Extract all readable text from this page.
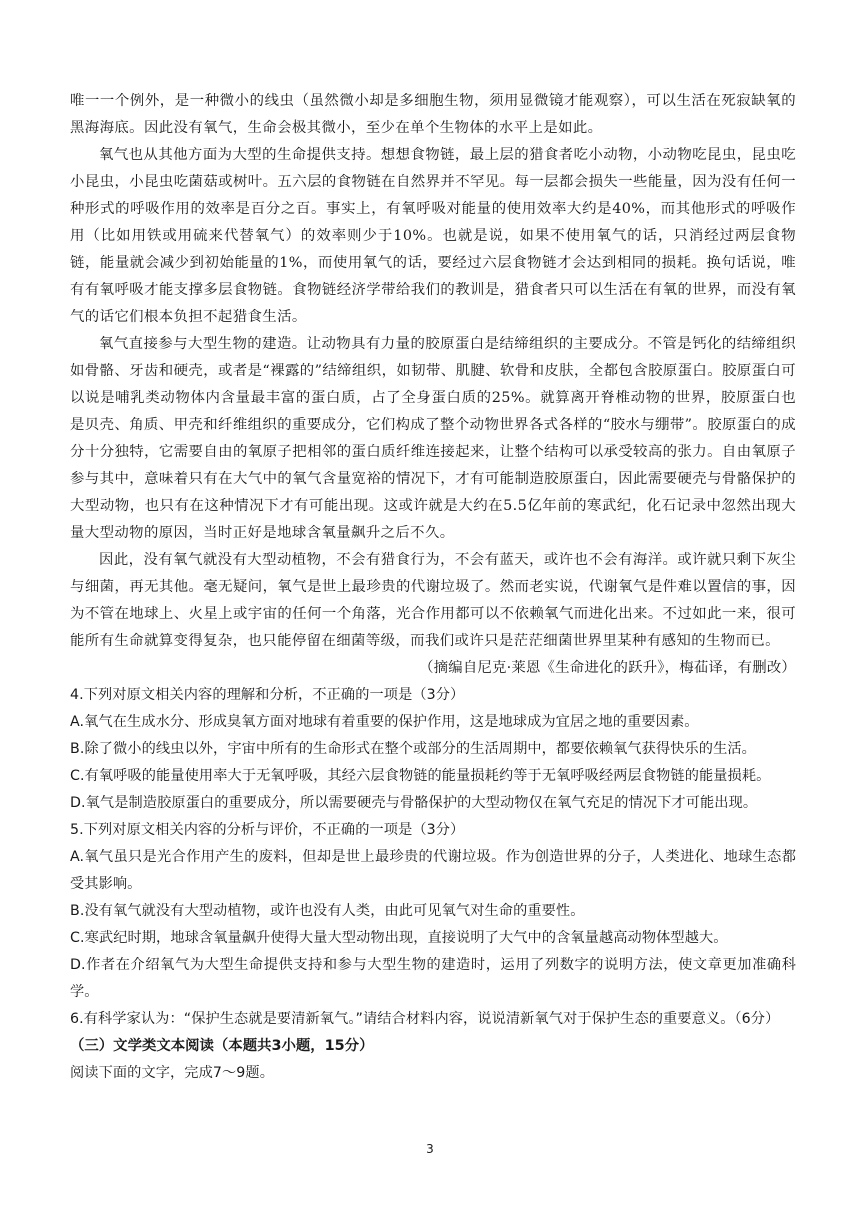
唯一一个例外，是一种微小的线虫（虽然微小却是多细胞生物，须用显微镜才能观察），可以生活在死寂缺氧的黑海海底。因此没有氧气，生命会极其微小，至少在单个生物体的水平上是如此。

氧气也从其他方面为大型的生命提供支持。想想食物链，最上层的猎食者吃小动物，小动物吃昆虫，昆虫吃小昆虫，小昆虫吃菌菇或树叶。五六层的食物链在自然界并不罕见。每一层都会损失一些能量，因为没有任何一种形式的呼吸作用的效率是百分之百。事实上，有氧呼吸对能量的使用效率大约是40%，而其他形式的呼吸作用（比如用铁或用硫来代替氧气）的效率则少于10%。也就是说，如果不使用氧气的话，只消经过两层食物链，能量就会减少到初始能量的1%，而使用氧气的话，要经过六层食物链才会达到相同的损耗。换句话说，唯有有氧呼吸才能支撑多层食物链。食物链经济学带给我们的教训是，猎食者只可以生活在有氧的世界，而没有氧气的话它们根本负担不起猎食生活。

氧气直接参与大型生物的建造。让动物具有力量的胶原蛋白是结缔组织的主要成分。不管是钙化的结缔组织如骨骼、牙齿和硬壳，或者是“裸露的”结缔组织，如韧带、肌腱、软骨和皮肤，全都包含胶原蛋白。胶原蛋白可以说是哺乳类动物体内含量最丰富的蛋白质，占了全身蛋白质的25%。就算离开脊椎动物的世界，胶原蛋白也是贝壳、角质、甲壳和纤维组织的重要成分，它们构成了整个动物世界各式各样的“胶水与绷带”。胶原蛋白的成分十分独特，它需要自由的氧原子把相邻的蛋白质纤维连接起来，让整个结构可以承受较高的张力。自由氧原子参与其中，意味着只有在大气中的氧气含量宽裕的情况下，才有可能制造胶原蛋白，因此需要硬壳与骨骼保护的大型动物，也只有在这种情况下才有可能出现。这或许就是大约在5.5亿年前的寒武纪，化石记录中忽然出现大量大型动物的原因，当时正好是地球含氧量飙升之后不久。

因此，没有氧气就没有大型动植物，不会有猎食行为，不会有蓝天，或许也不会有海洋。或许就只剩下灰尘与细菌，再无其他。毫无疑问，氧气是世上最珍贵的代谢垃圾了。然而老实说，代谢氧气是件难以置信的事，因为不管在地球上、火星上或宇宙的任何一个角落，光合作用都可以不依赖氧气而进化出来。不过如此一来，很可能所有生命就算变得复杂，也只能停留在细菌等级，而我们或许只是茫茫细菌世界里某种有感知的生物而已。

（摘编自尼克·莱恩《生命进化的跃升》，梅苮译，有删改）

4.下列对原文相关内容的理解和分析，不正确的一项是（3分）

A.氧气在生成水分、形成臭氧方面对地球有着重要的保护作用，这是地球成为宜居之地的重要因素。

B.除了微小的线虫以外，宇宙中所有的生命形式在整个或部分的生活周期中，都要依赖氧气获得快乐的生活。

C.有氧呼吸的能量使用率大于无氧呼吸，其经六层食物链的能量损耗约等于无氧呼吸经两层食物链的能量损耗。

D.氧气是制造胶原蛋白的重要成分，所以需要硬壳与骨骼保护的大型动物仅在氧气充足的情况下才可能出现。

5.下列对原文相关内容的分析与评价，不正确的一项是（3分）

A.氧气虽只是光合作用产生的废料，但却是世上最珍贵的代谢垃圾。作为创造世界的分子，人类进化、地球生态都受其影响。

B.没有氧气就没有大型动植物，或许也没有人类，由此可见氧气对生命的重要性。

C.寒武纪时期，地球含氧量飙升使得大量大型动物出现，直接说明了大气中的含氧量越高动物体型越大。

D.作者在介绍氧气为大型生命提供支持和参与大型生物的建造时，运用了列数字的说明方法，使文章更加准确科学。

6.有科学家认为：“保护生态就是要清新氧气。”请结合材料内容，说说清新氧气对于保护生态的重要意义。（6分）

（三）文学类文本阅读（本题共3小题，15分）

阅读下面的文字，完成7～9题。

3
